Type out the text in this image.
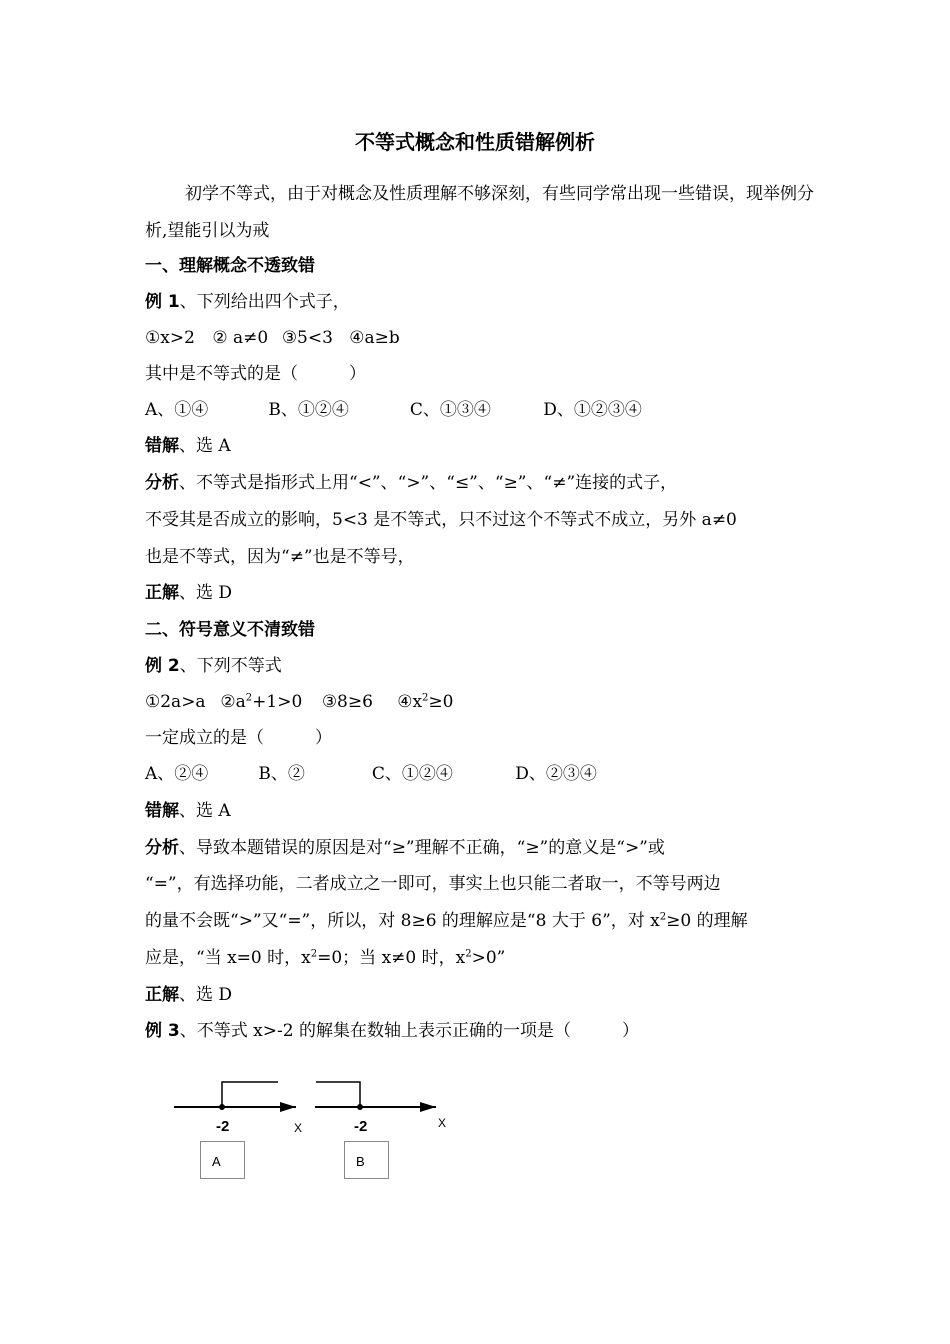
不等式概念和性质错解例析
初学不等式，由于对概念及性质理解不够深刻，有些同学常出现一些错误，现举例分析,望能引以为戒
一、理解概念不透致错
例 1、下列给出四个式子，
①x>2 ② a≠0 ③5<3 ④a≥b
其中是不等式的是（　　　）
A、①④	B、①②④	C、①③④	D、①②③④
错解、选 A
分析、不等式是指形式上用“<”、“>”、“≤”、“≥”、“≠”连接的式子，
不受其是否成立的影响，5<3 是不等式，只不过这个不等式不成立，另外 a≠0
也是不等式，因为“≠”也是不等号，
正解、选 D
二、符号意义不清致错
例 2、下列不等式
①2a>a $②a^2+1>0$ ③8≥6 $④x^2\ge 0$
一定成立的是（　　　）
A、②④	B、②	C、①②④	D、②③④
错解、选 A
分析、导致本题错误的原因是对“≥”理解不正确，“≥”的意义是“>”或
“=”，有选择功能，二者成立之一即可，事实上也只能二者取一，不等号两边
的量不会既“>”又“=”，所以，对 8≥6 的理解应是“8 大于 6”，对 $x^2\ge 0$ 的理解
应是，“当 x=0 时，$x^2=0$；当 x≠0 时，$x^2>0$”
正解、选 D
例 3、不等式 x>-2 的解集在数轴上表示正确的一项是（　　　）
-2	X	-2	X
A	B
